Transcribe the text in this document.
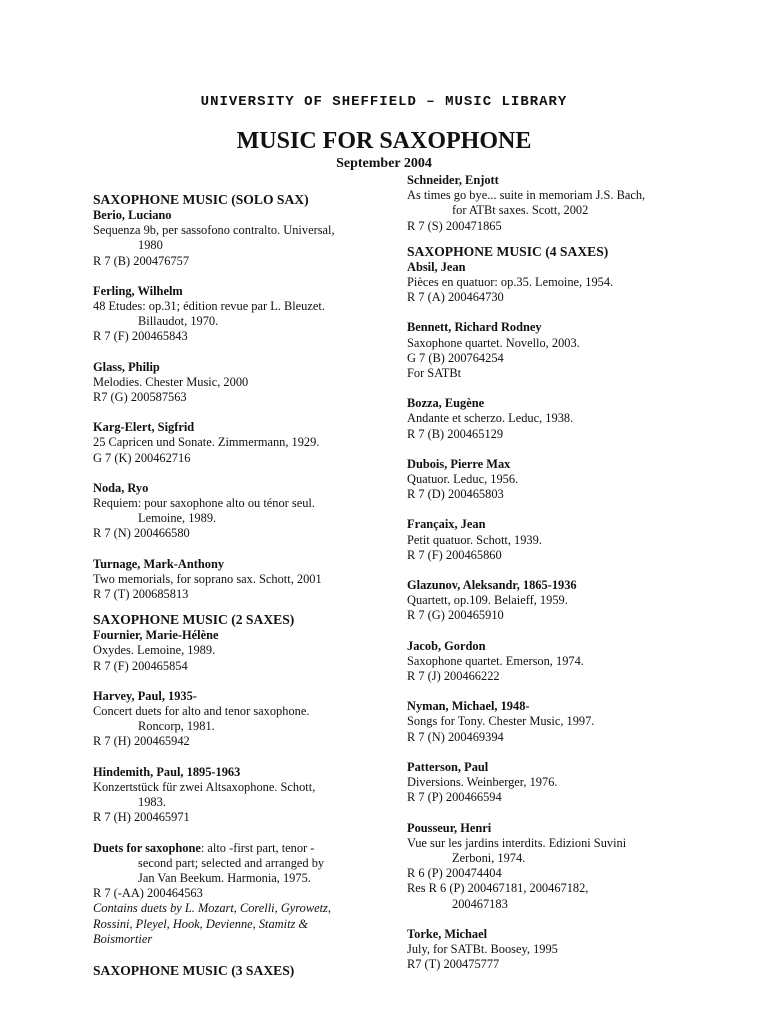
UNIVERSITY OF SHEFFIELD – MUSIC LIBRARY
MUSIC FOR SAXOPHONE
September 2004
SAXOPHONE MUSIC (SOLO SAX)
Berio, Luciano
Sequenza 9b, per sassofono contralto. Universal,
1980
R 7 (B) 200476757
Ferling, Wilhelm
48 Etudes: op.31; édition revue par L. Bleuzet.
Billaudot, 1970.
R 7 (F) 200465843
Glass, Philip
Melodies. Chester Music, 2000
R7 (G) 200587563
Karg-Elert, Sigfrid
25 Capricen und Sonate. Zimmermann, 1929.
G 7 (K) 200462716
Noda, Ryo
Requiem: pour saxophone alto ou ténor seul.
Lemoine, 1989.
R 7 (N) 200466580
Turnage, Mark-Anthony
Two memorials, for soprano sax. Schott, 2001
R 7 (T) 200685813
SAXOPHONE MUSIC (2 SAXES)
Fournier, Marie-Hélène
Oxydes. Lemoine, 1989.
R 7 (F) 200465854
Harvey, Paul, 1935-
Concert duets for alto and tenor saxophone.
Roncorp, 1981.
R 7 (H) 200465942
Hindemith, Paul, 1895-1963
Konzertstück für zwei Altsaxophone. Schott,
1983.
R 7 (H) 200465971
Duets for saxophone: alto -first part, tenor -
second part; selected and arranged by
Jan Van Beekum. Harmonia, 1975.
R 7 (-AA) 200464563
Contains duets by L. Mozart, Corelli, Gyrowetz,
Rossini, Pleyel, Hook, Devienne, Stamitz &
Boismortier
SAXOPHONE MUSIC (3 SAXES)
Schneider, Enjott
As times go bye... suite in memoriam J.S. Bach,
for ATBt saxes. Scott, 2002
R 7 (S) 200471865
SAXOPHONE MUSIC (4 SAXES)
Absil, Jean
Pièces en quatuor: op.35. Lemoine, 1954.
R 7 (A) 200464730
Bennett, Richard Rodney
Saxophone quartet. Novello, 2003.
G 7 (B) 200764254
For SATBt
Bozza, Eugène
Andante et scherzo. Leduc, 1938.
R 7 (B) 200465129
Dubois, Pierre Max
Quatuor. Leduc, 1956.
R 7 (D) 200465803
Françaix, Jean
Petit quatuor. Schott, 1939.
R 7 (F) 200465860
Glazunov, Aleksandr, 1865-1936
Quartett, op.109. Belaieff, 1959.
R 7 (G) 200465910
Jacob, Gordon
Saxophone quartet. Emerson, 1974.
R 7 (J) 200466222
Nyman, Michael, 1948-
Songs for Tony. Chester Music, 1997.
R 7 (N) 200469394
Patterson, Paul
Diversions. Weinberger, 1976.
R 7 (P) 200466594
Pousseur, Henri
Vue sur les jardins interdits. Edizioni Suvini
Zerboni, 1974.
R 6 (P) 200474404
Res R 6 (P) 200467181, 200467182,
200467183
Torke, Michael
July, for SATBt. Boosey, 1995
R7 (T) 200475777
